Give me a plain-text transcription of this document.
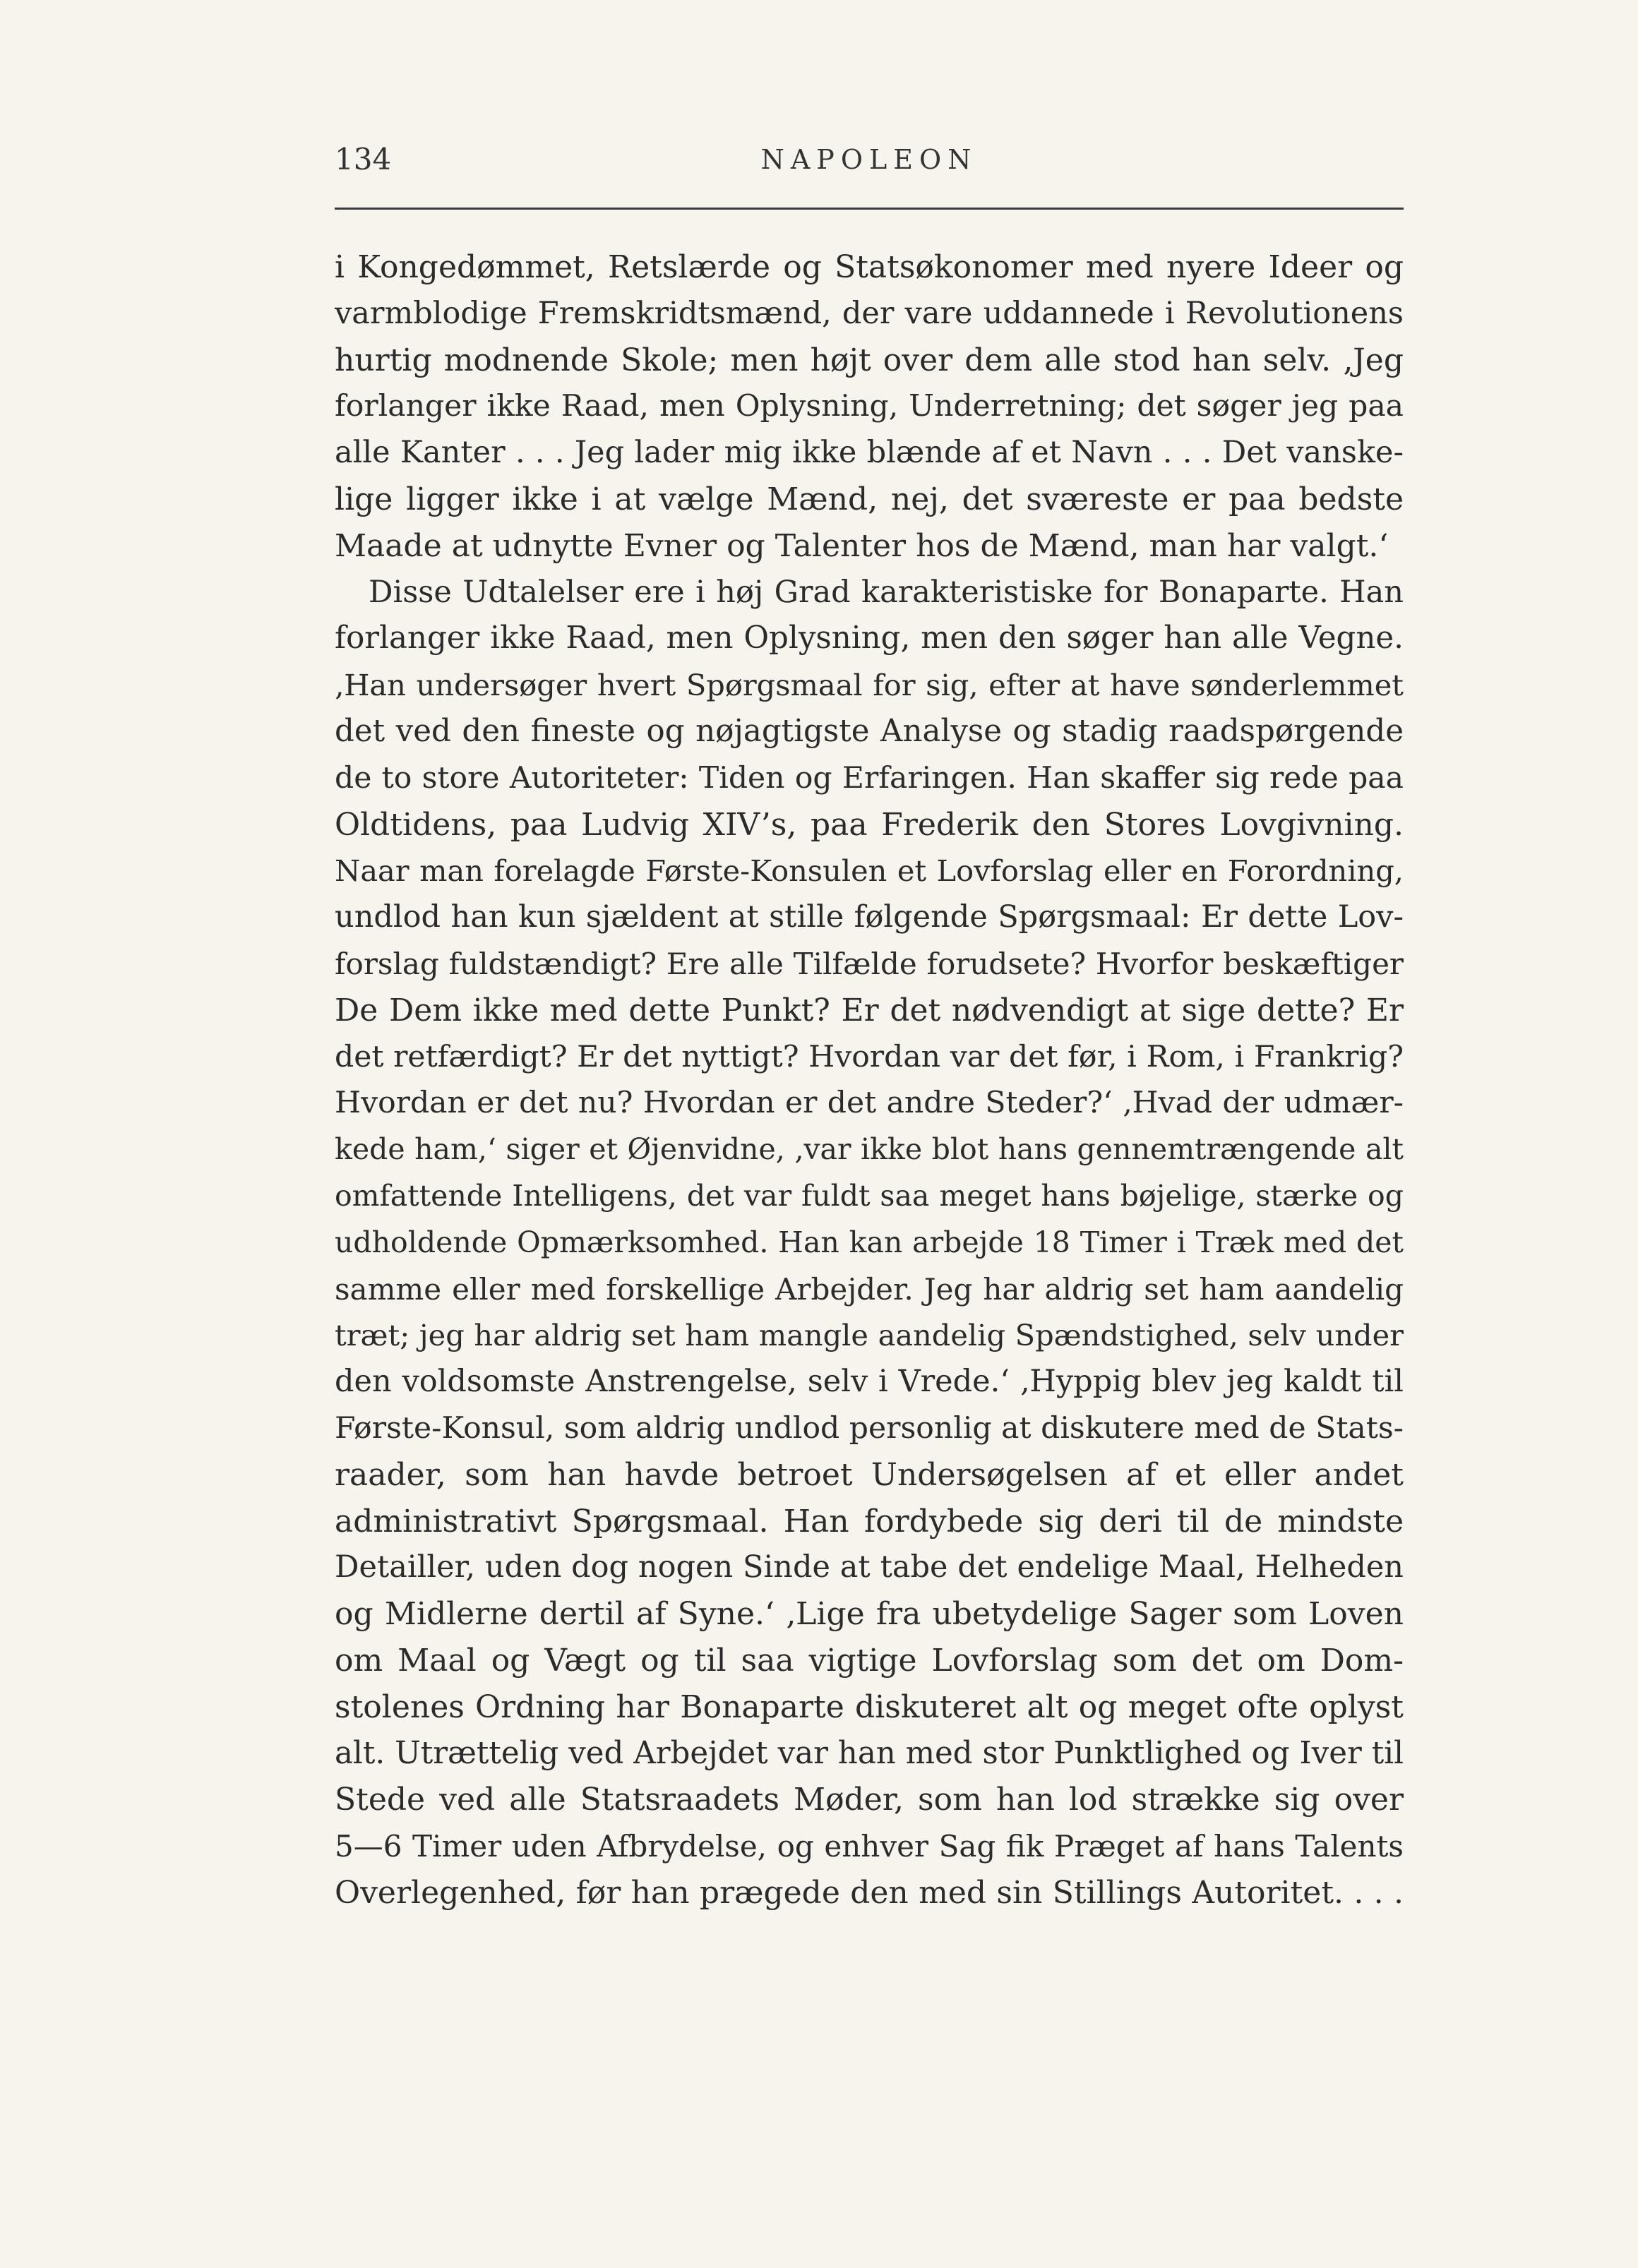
134	NAPOLEON
i Kongedømmet, Retslærde og Statsøkonomer med nyere Ideer og
varmblodige Fremskridtsmænd, der vare uddannede i Revolutionens
hurtig modnende Skole; men højt over dem alle stod han selv. ‚Jeg
forlanger ikke Raad, men Oplysning, Underretning; det søger jeg paa
alle Kanter . . . Jeg lader mig ikke blænde af et Navn . . . Det vanske-
lige ligger ikke i at vælge Mænd, nej, det sværeste er paa bedste
Maade at udnytte Evner og Talenter hos de Mænd, man har valgt.‘
Disse Udtalelser ere i høj Grad karakteristiske for Bonaparte. Han
forlanger ikke Raad, men Oplysning, men den søger han alle Vegne.
‚Han undersøger hvert Spørgsmaal for sig, efter at have sønderlemmet
det ved den fineste og nøjagtigste Analyse og stadig raadspørgende
de to store Autoriteter: Tiden og Erfaringen. Han skaffer sig rede paa
Oldtidens, paa Ludvig XIV’s, paa Frederik den Stores Lovgivning.
Naar man forelagde Første-Konsulen et Lovforslag eller en Forordning,
undlod han kun sjældent at stille følgende Spørgsmaal: Er dette Lov-
forslag fuldstændigt? Ere alle Tilfælde forudsete? Hvorfor beskæftiger
De Dem ikke med dette Punkt? Er det nødvendigt at sige dette? Er
det retfærdigt? Er det nyttigt? Hvordan var det før, i Rom, i Frankrig?
Hvordan er det nu? Hvordan er det andre Steder?‘ ‚Hvad der udmær-
kede ham,‘ siger et Øjenvidne, ‚var ikke blot hans gennemtrængende alt
omfattende Intelligens, det var fuldt saa meget hans bøjelige, stærke og
udholdende Opmærksomhed. Han kan arbejde 18 Timer i Træk med det
samme eller med forskellige Arbejder. Jeg har aldrig set ham aandelig
træt; jeg har aldrig set ham mangle aandelig Spændstighed, selv under
den voldsomste Anstrengelse, selv i Vrede.‘ ‚Hyppig blev jeg kaldt til
Første-Konsul, som aldrig undlod personlig at diskutere med de Stats-
raader, som han havde betroet Undersøgelsen af et eller andet
administrativt Spørgsmaal. Han fordybede sig deri til de mindste
Detailler, uden dog nogen Sinde at tabe det endelige Maal, Helheden
og Midlerne dertil af Syne.‘ ‚Lige fra ubetydelige Sager som Loven
om Maal og Vægt og til saa vigtige Lovforslag som det om Dom-
stolenes Ordning har Bonaparte diskuteret alt og meget ofte oplyst
alt. Utrættelig ved Arbejdet var han med stor Punktlighed og Iver til
Stede ved alle Statsraadets Møder, som han lod strække sig over
5—6 Timer uden Afbrydelse, og enhver Sag fik Præget af hans Talents
Overlegenhed, før han prægede den med sin Stillings Autoritet. . . .
